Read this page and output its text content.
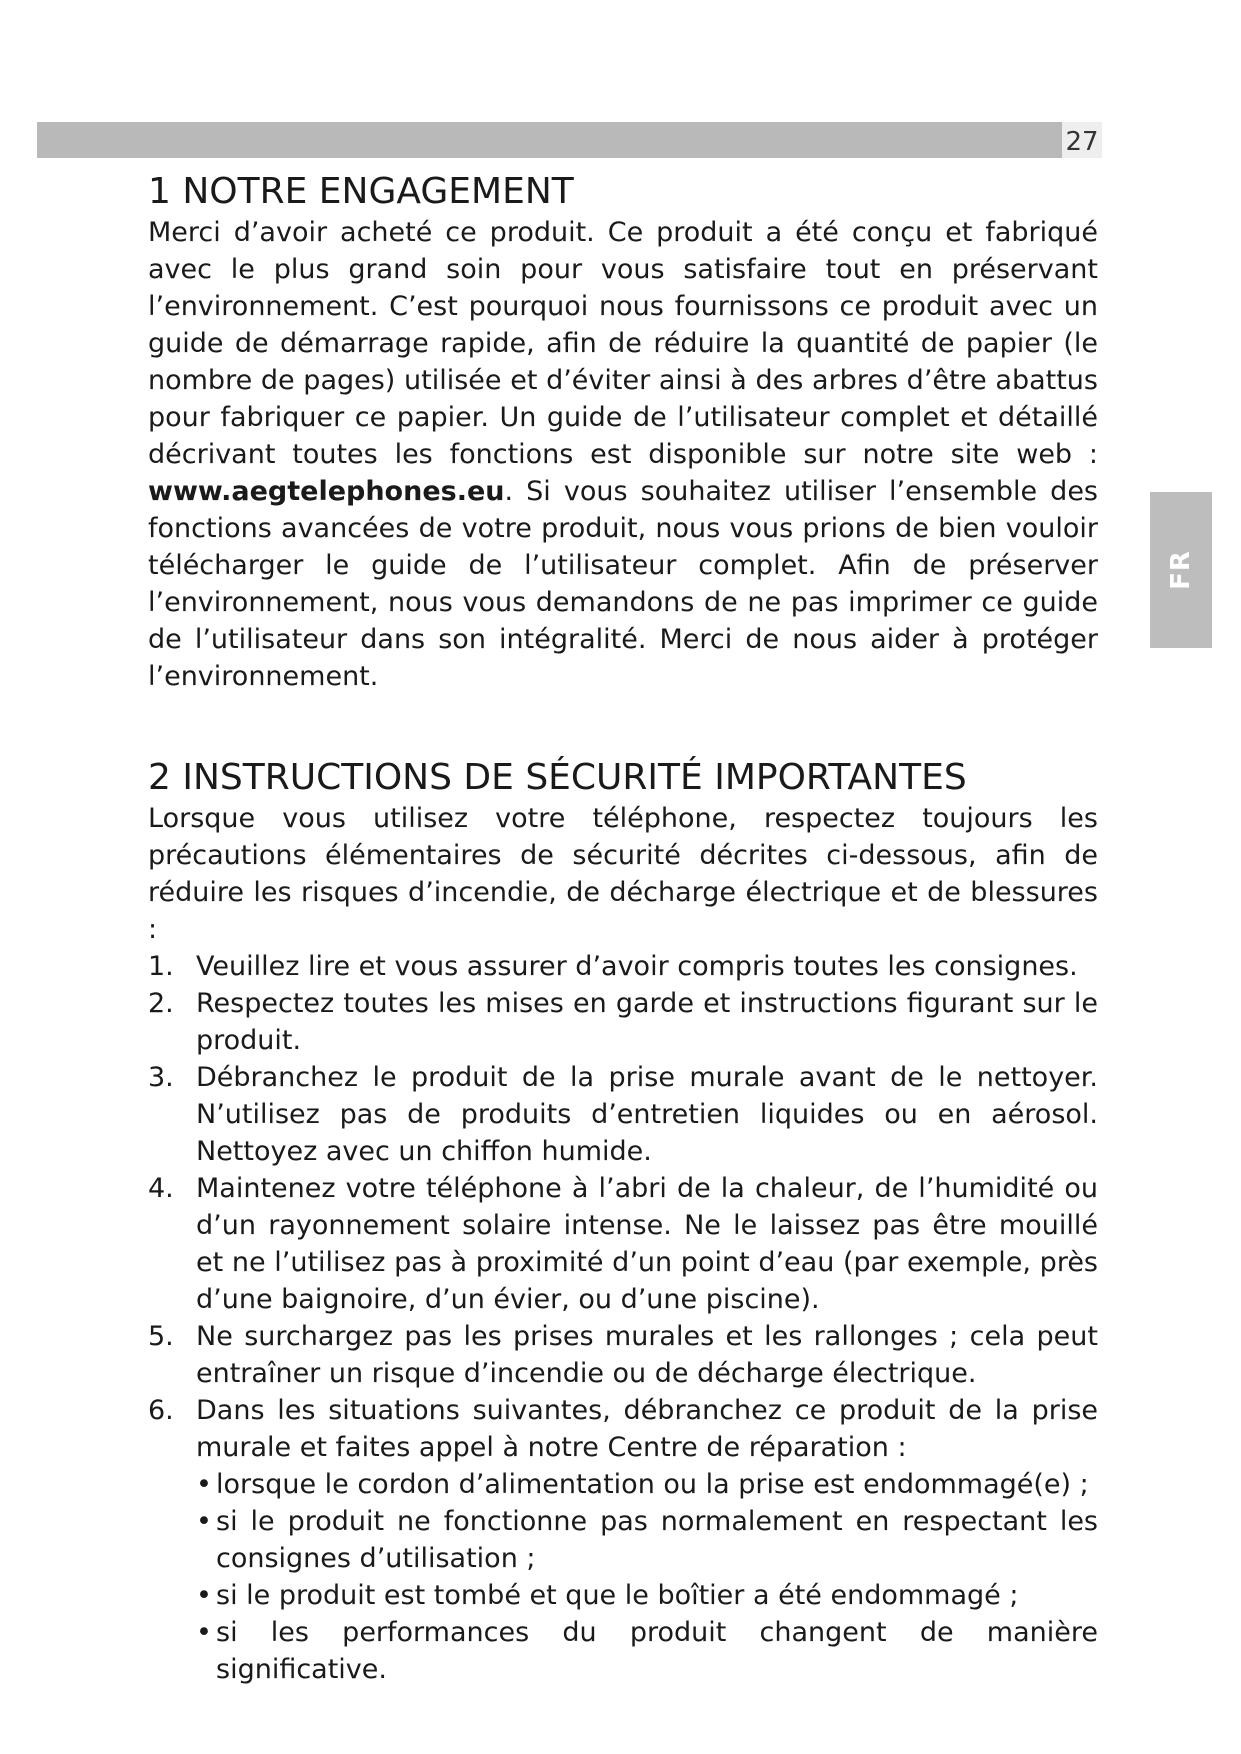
27
FR
1 NOTRE ENGAGEMENT

Merci d’avoir acheté ce produit. Ce produit a été conçu et fabriqué avec le plus grand soin pour vous satisfaire tout en préservant l’environnement. C’est pourquoi nous fournissons ce produit avec un guide de démarrage rapide, afin de réduire la quantité de papier (le nombre de pages) utilisée et d’éviter ainsi à des arbres d’être abattus pour fabriquer ce papier. Un guide de l’utilisateur complet et détaillé décrivant toutes les fonctions est disponible sur notre site web : www.aegtelephones.eu. Si vous souhaitez utiliser l’ensemble des fonctions avancées de votre produit, nous vous prions de bien vouloir télécharger le guide de l’utilisateur complet. Afin de préserver l’environnement, nous vous demandons de ne pas imprimer ce guide de l’utilisateur dans son intégralité. Merci de nous aider à protéger l’environnement.

2 INSTRUCTIONS DE SÉCURITÉ IMPORTANTES

Lorsque vous utilisez votre téléphone, respectez toujours les précautions élémentaires de sécurité décrites ci-dessous, afin de réduire les risques d’incendie, de décharge électrique et de blessures :

1. Veuillez lire et vous assurer d’avoir compris toutes les consignes.
2. Respectez toutes les mises en garde et instructions figurant sur le produit.
3. Débranchez le produit de la prise murale avant de le nettoyer. N’utilisez pas de produits d’entretien liquides ou en aérosol. Nettoyez avec un chiffon humide.
4. Maintenez votre téléphone à l’abri de la chaleur, de l’humidité ou d’un rayonnement solaire intense. Ne le laissez pas être mouillé et ne l’utilisez pas à proximité d’un point d’eau (par exemple, près d’une baignoire, d’un évier, ou d’une piscine).
5. Ne surchargez pas les prises murales et les rallonges ; cela peut entraîner un risque d’incendie ou de décharge électrique.
6. Dans les situations suivantes, débranchez ce produit de la prise murale et faites appel à notre Centre de réparation :
• lorsque le cordon d’alimentation ou la prise est endommagé(e) ;
• si le produit ne fonctionne pas normalement en respectant les consignes d’utilisation ;
• si le produit est tombé et que le boîtier a été endommagé ;
• si les performances du produit changent de manière significative.
